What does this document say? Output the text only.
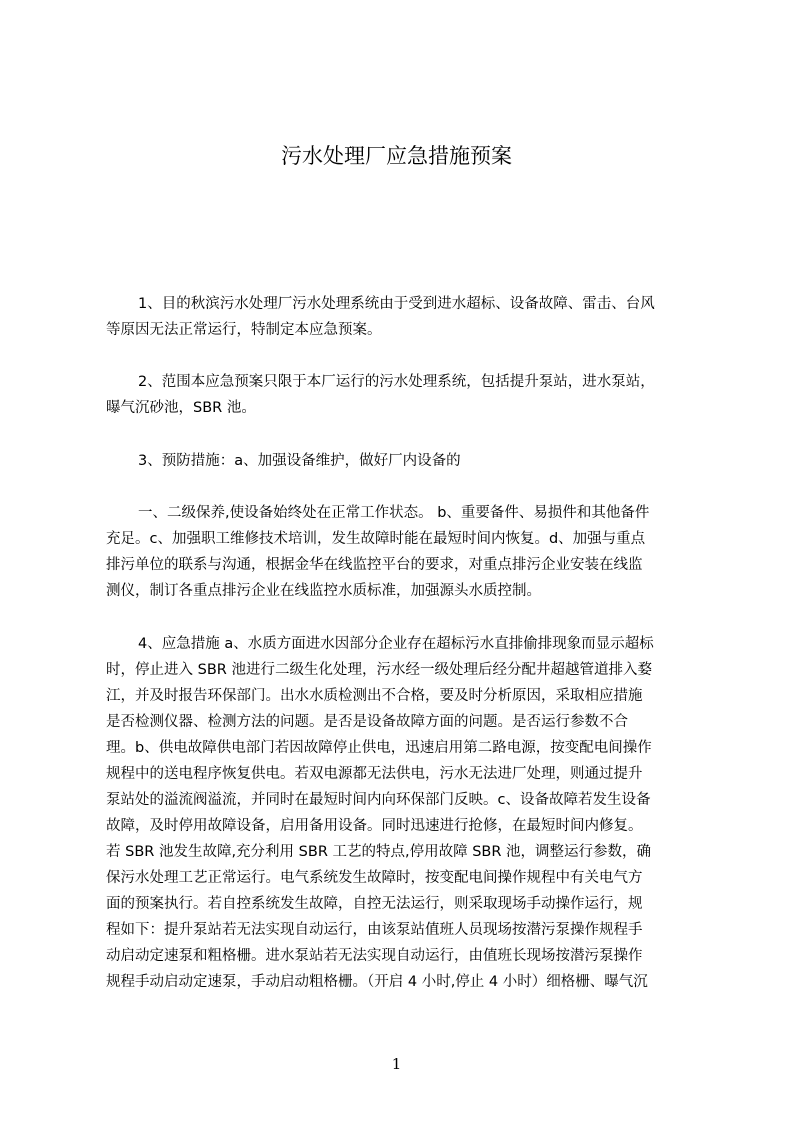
污水处理厂应急措施预案
1、目的秋滨污水处理厂污水处理系统由于受到进水超标、设备故障、雷击、台风
等原因无法正常运行，特制定本应急预案。
2、范围本应急预案只限于本厂运行的污水处理系统，包括提升泵站，进水泵站，
曝气沉砂池，SBR 池。
3、预防措施：a、加强设备维护，做好厂内设备的
一、二级保养,使设备始终处在正常工作状态。 b、重要备件、易损件和其他备件
充足。c、加强职工维修技术培训，发生故障时能在最短时间内恢复。d、加强与重点
排污单位的联系与沟通，根据金华在线监控平台的要求，对重点排污企业安装在线监
测仪，制订各重点排污企业在线监控水质标准，加强源头水质控制。
4、应急措施 a、水质方面进水因部分企业存在超标污水直排偷排现象而显示超标
时，停止进入 SBR 池进行二级生化处理，污水经一级处理后经分配井超越管道排入婺
江，并及时报告环保部门。出水水质检测出不合格，要及时分析原因，采取相应措施
是否检测仪器、检测方法的问题。是否是设备故障方面的问题。是否运行参数不合
理。b、供电故障供电部门若因故障停止供电，迅速启用第二路电源，按变配电间操作
规程中的送电程序恢复供电。若双电源都无法供电，污水无法进厂处理，则通过提升
泵站处的溢流阀溢流，并同时在最短时间内向环保部门反映。c、设备故障若发生设备
故障，及时停用故障设备，启用备用设备。同时迅速进行抢修，在最短时间内修复。
若 SBR 池发生故障,充分利用 SBR 工艺的特点,停用故障 SBR 池，调整运行参数，确
保污水处理工艺正常运行。电气系统发生故障时，按变配电间操作规程中有关电气方
面的预案执行。若自控系统发生故障，自控无法运行，则采取现场手动操作运行，规
程如下：提升泵站若无法实现自动运行，由该泵站值班人员现场按潜污泵操作规程手
动启动定速泵和粗格栅。进水泵站若无法实现自动运行，由值班长现场按潜污泵操作
规程手动启动定速泵，手动启动粗格栅。（开启 4 小时,停止 4 小时）细格栅、曝气沉
1
